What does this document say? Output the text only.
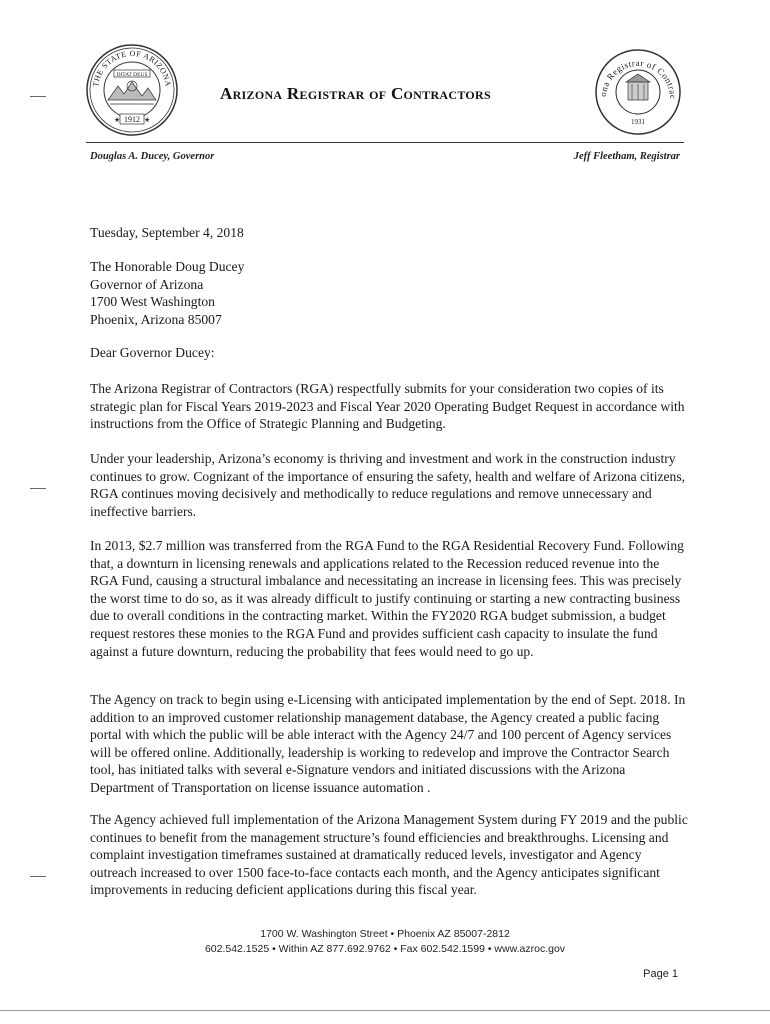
THE STATE OF ARIZONA
DITAT DEUS
1912
★	★
Arizona Registrar of Contractors	ona Registrar of Contrac
1931
Douglas A. Ducey, Governor	Jeff Fleetham, Registrar
Tuesday, September 4, 2018
The Honorable Doug Ducey
Governor of Arizona
1700 West Washington
Phoenix, Arizona 85007
Dear Governor Ducey:
The Arizona Registrar of Contractors (RGA) respectfully submits for your consideration two copies of its strategic plan for Fiscal Years 2019-2023 and Fiscal Year 2020 Operating Budget Request in accordance with instructions from the Office of Strategic Planning and Budgeting.
Under your leadership, Arizona’s economy is thriving and investment and work in the construction industry continues to grow. Cognizant of the importance of ensuring the safety, health and welfare of Arizona citizens, RGA continues moving decisively and methodically to reduce regulations and remove unnecessary and ineffective barriers.
In 2013, $2.7 million was transferred from the RGA Fund to the RGA Residential Recovery Fund. Following that, a downturn in licensing renewals and applications related to the Recession reduced revenue into the RGA Fund, causing a structural imbalance and necessitating an increase in licensing fees. This was precisely the worst time to do so, as it was already difficult to justify continuing or starting a new contracting business due to overall conditions in the contracting market. Within the FY2020 RGA budget submission, a budget request restores these monies to the RGA Fund and provides sufficient cash capacity to insulate the fund against a future downturn, reducing the probability that fees would need to go up.
The Agency on track to begin using e-Licensing with anticipated implementation by the end of Sept. 2018. In addition to an improved customer relationship management database, the Agency created a public facing portal with which the public will be able interact with the Agency 24/7 and 100 percent of Agency services will be offered online. Additionally, leadership is working to redevelop and improve the Contractor Search tool, has initiated talks with several e-Signature vendors and initiated discussions with the Arizona Department of Transportation on license issuance automation .
The Agency achieved full implementation of the Arizona Management System during FY 2019 and the public continues to benefit from the management structure’s found efficiencies and breakthroughs. Licensing and complaint investigation timeframes sustained at dramatically reduced levels, investigator and Agency outreach increased to over 1500 face-to-face contacts each month, and the Agency anticipates significant improvements in reducing deficient applications during this fiscal year.
1700 W. Washington Street • Phoenix AZ 85007-2812
602.542.1525 • Within AZ 877.692.9762 • Fax 602.542.1599 • www.azroc.gov
Page 1
